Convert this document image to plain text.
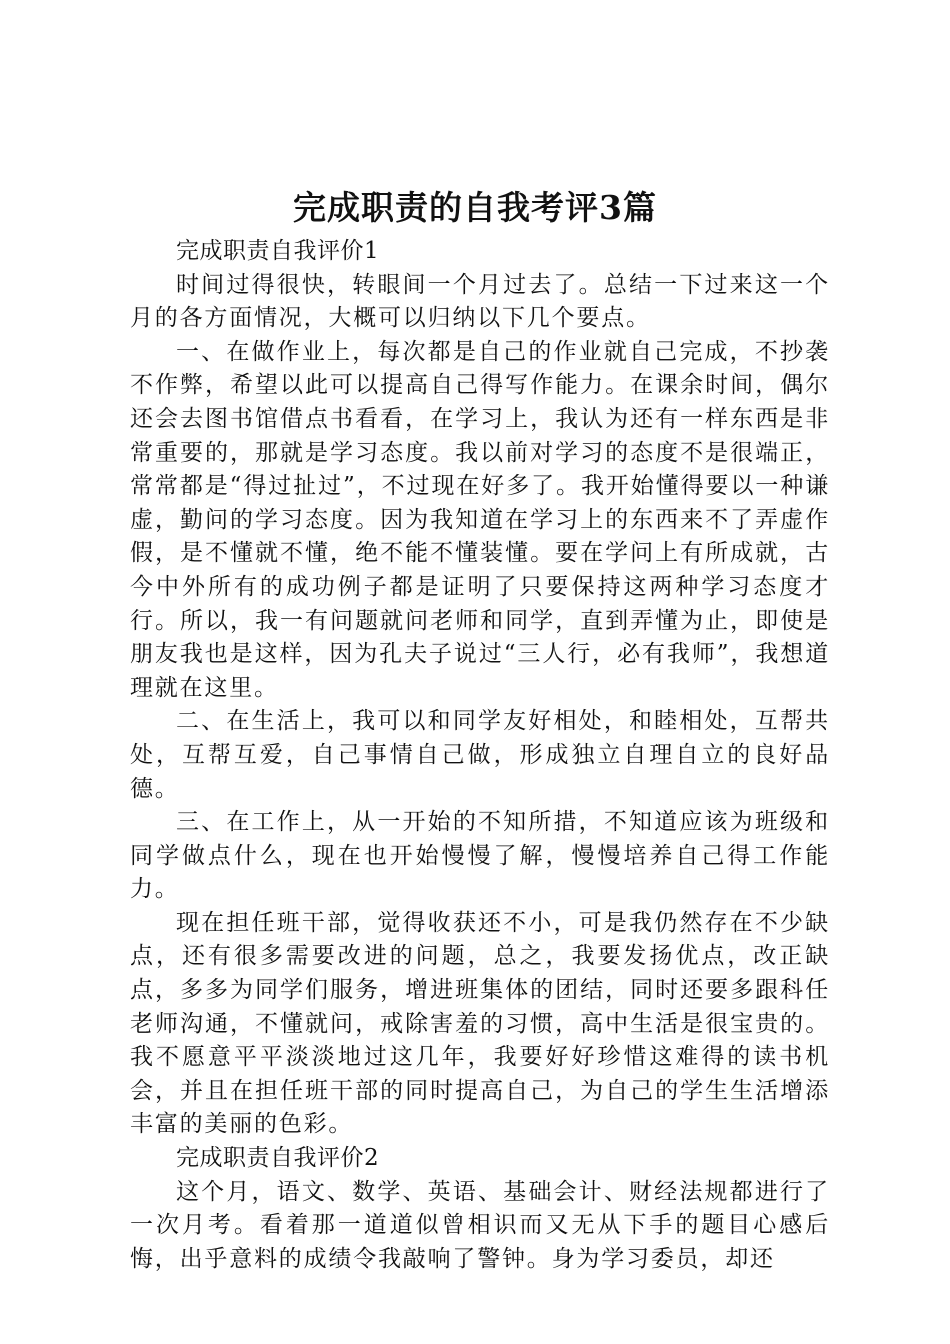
完成职责的自我考评3篇

完成职责自我评价1

时间过得很快，转眼间一个月过去了。总结一下过来这一个月的各方面情况，大概可以归纳以下几个要点。

一、在做作业上，每次都是自己的作业就自己完成，不抄袭不作弊，希望以此可以提高自己得写作能力。在课余时间，偶尔还会去图书馆借点书看看，在学习上，我认为还有一样东西是非常重要的，那就是学习态度。我以前对学习的态度不是很端正，常常都是“得过扯过”，不过现在好多了。我开始懂得要以一种谦虚，勤问的学习态度。因为我知道在学习上的东西来不了弄虚作假，是不懂就不懂，绝不能不懂装懂。要在学问上有所成就，古今中外所有的成功例子都是证明了只要保持这两种学习态度才行。所以，我一有问题就问老师和同学，直到弄懂为止，即使是朋友我也是这样，因为孔夫子说过“三人行，必有我师”，我想道理就在这里。

二、在生活上，我可以和同学友好相处，和睦相处，互帮共处，互帮互爱，自己事情自己做，形成独立自理自立的良好品德。

三、在工作上，从一开始的不知所措，不知道应该为班级和同学做点什么，现在也开始慢慢了解，慢慢培养自己得工作能力。

现在担任班干部，觉得收获还不小，可是我仍然存在不少缺点，还有很多需要改进的问题，总之，我要发扬优点，改正缺点，多多为同学们服务，增进班集体的团结，同时还要多跟科任老师沟通，不懂就问，戒除害羞的习惯，高中生活是很宝贵的。我不愿意平平淡淡地过这几年，我要好好珍惜这难得的读书机会，并且在担任班干部的同时提高自己，为自己的学生生活增添丰富的美丽的色彩。

完成职责自我评价2

这个月，语文、数学、英语、基础会计、财经法规都进行了一次月考。看着那一道道似曾相识而又无从下手的题目心感后悔，出乎意料的成绩令我敲响了警钟。身为学习委员，却还
